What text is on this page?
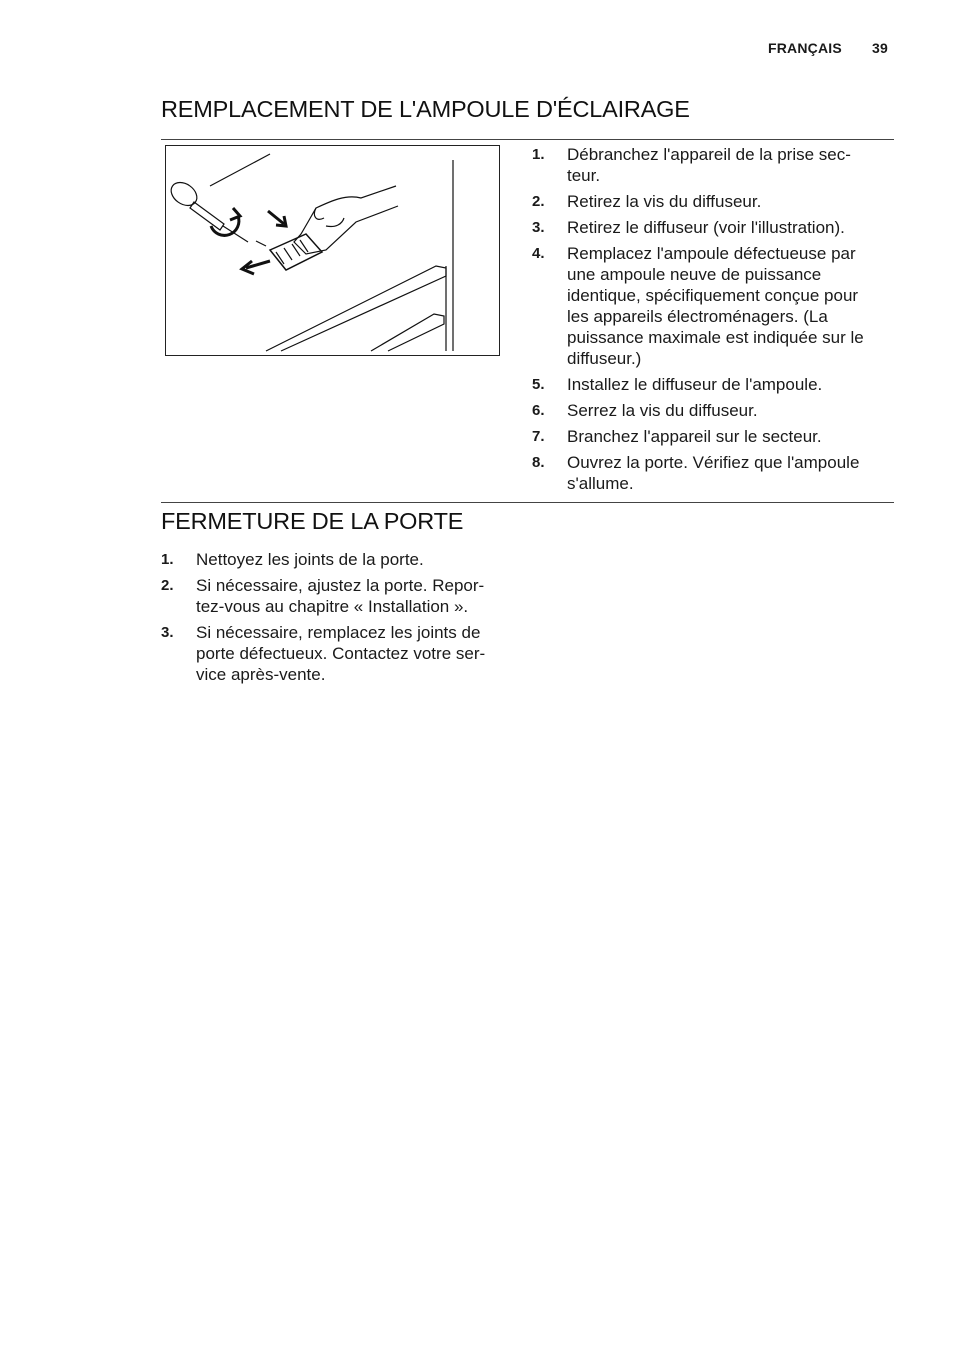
FRANÇAIS 39
REMPLACEMENT DE L'AMPOULE D'ÉCLAIRAGE
1. Débranchez l'appareil de la prise sec-
teur.
2. Retirez la vis du diffuseur.
3. Retirez le diffuseur (voir l'illustration).
4. Remplacez l'ampoule défectueuse par
une ampoule neuve de puissance
identique, spécifiquement conçue pour
les appareils électroménagers. (La
puissance maximale est indiquée sur le
diffuseur.)
5. Installez le diffuseur de l'ampoule.
6. Serrez la vis du diffuseur.
7. Branchez l'appareil sur le secteur.
8. Ouvrez la porte. Vérifiez que l'ampoule
s'allume.
FERMETURE DE LA PORTE
1. Nettoyez les joints de la porte.
2. Si nécessaire, ajustez la porte. Repor-
tez-vous au chapitre « Installation ».
3. Si nécessaire, remplacez les joints de
porte défectueux. Contactez votre ser-
vice après-vente.
